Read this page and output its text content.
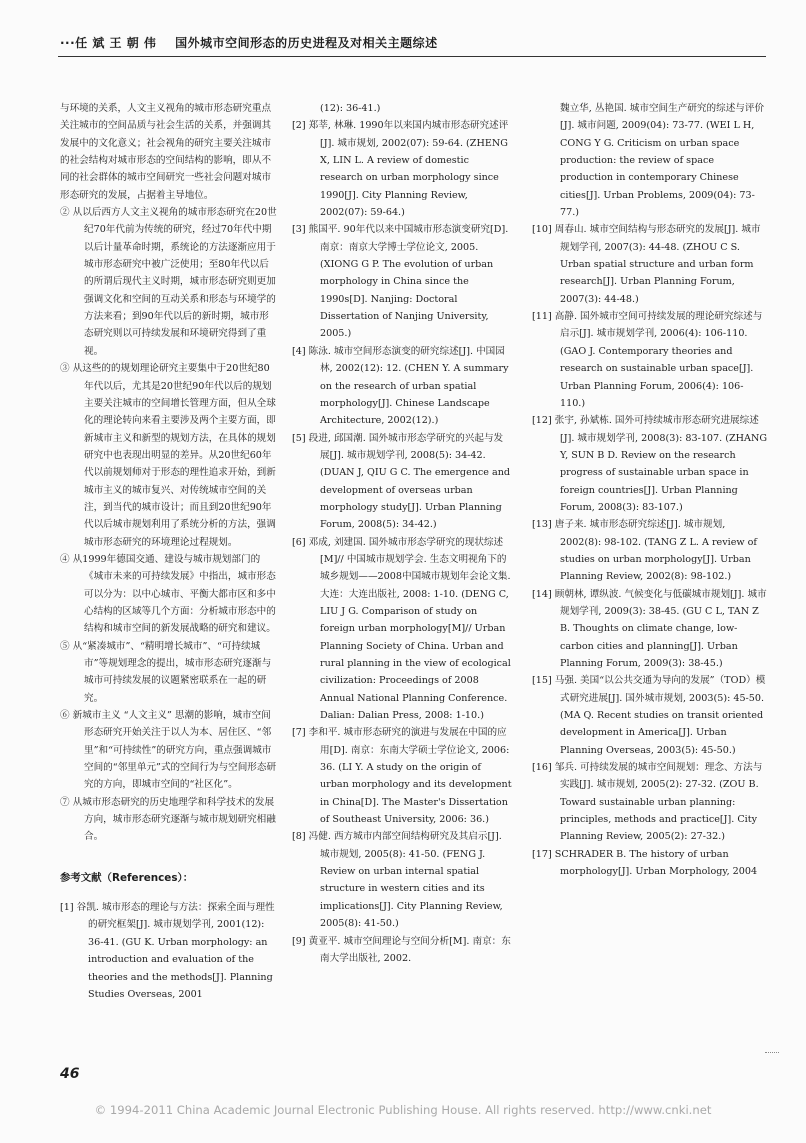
···任 斌 王 朝 伟 国外城市空间形态的历史进程及对相关主题综述

与环境的关系，人文主义视角的城市形态研究重点关注城市的空间品质与社会生活的关系，并强调其发展中的文化意义；社会视角的研究主要关注城市的社会结构对城市形态的空间结构的影响，即从不同的社会群体的城市空间研究一些社会问题对城市形态研究的发展，占据着主导地位。

② 从以后西方人文主义视角的城市形态研究在20世纪70年代前为传统的研究，经过70年代中期以后计量革命时期，系统论的方法逐渐应用于城市形态研究中被广泛使用；至80年代以后的所谓后现代主义时期，城市形态研究则更加强调文化和空间的互动关系和形态与环境学的方法来看；到90年代以后的新时期，城市形态研究则以可持续发展和环境研究得到了重视。

③ 从这些的的规划理论研究主要集中于20世纪80年代以后，尤其是20世纪90年代以后的规划主要关注城市的空间增长管理方面，但从全球化的理论转向来看主要涉及两个主要方面，即新城市主义和新型的规划方法，在具体的规划研究中也表现出明显的差异。从20世纪60年代以前规划师对于形态的理性追求开始，到新城市主义的城市复兴、对传统城市空间的关注，到当代的城市设计；而且到20世纪90年代以后城市规划利用了系统分析的方法，强调城市形态研究的环境理论过程规划。

④ 从1999年德国交通、建设与城市规划部门的《城市未来的可持续发展》中指出，城市形态可以分为：以中心城市、平衡大都市区和多中心结构的区域等几个方面：分析城市形态中的结构和城市空间的新发展战略的研究和建议。

⑤ 从“紧凑城市”、“精明增长城市”、“可持续城市”等规划理念的提出，城市形态研究逐渐与城市可持续发展的议题紧密联系在一起的研究。

⑥ 新城市主义 “人文主义” 思潮的影响，城市空间形态研究开始关注于以人为本、居住区、“邻里”和“可持续性”的研究方向，重点强调城市空间的“邻里单元”式的空间行为与空间形态研究的方向，即城市空间的“社区化”。

⑦ 从城市形态研究的历史地理学和科学技术的发展方向，城市形态研究逐渐与城市规划研究相融合。

参考文献（References）：

[1] 谷凯. 城市形态的理论与方法：探索全面与理性的研究框架[J]. 城市规划学刊, 2001(12): 36-41. (GU K. Urban morphology: an introduction and evaluation of the theories and the methods[J]. Planning Studies Overseas, 2001

(12): 36-41.)

[2] 郑莘, 林琳. 1990年以来国内城市形态研究述评[J]. 城市规划, 2002(07): 59-64. (ZHENG X, LIN L. A review of domestic research on urban morphology since 1990[J]. City Planning Review, 2002(07): 59-64.)

[3] 熊国平. 90年代以来中国城市形态演变研究[D]. 南京：南京大学博士学位论文, 2005. (XIONG G P. The evolution of urban morphology in China since the 1990s[D]. Nanjing: Doctoral Dissertation of Nanjing University, 2005.)

[4] 陈泳. 城市空间形态演变的研究综述[J]. 中国园林, 2002(12): 12. (CHEN Y. A summary on the research of urban spatial morphology[J]. Chinese Landscape Architecture, 2002(12).)

[5] 段进, 邱国潮. 国外城市形态学研究的兴起与发展[J]. 城市规划学刊, 2008(5): 34-42. (DUAN J, QIU G C. The emergence and development of overseas urban morphology study[J]. Urban Planning Forum, 2008(5): 34-42.)

[6] 邓成, 刘建国. 国外城市形态学研究的现状综述[M]// 中国城市规划学会. 生态文明视角下的城乡规划——2008中国城市规划年会论文集. 大连：大连出版社, 2008: 1-10. (DENG C, LIU J G. Comparison of study on foreign urban morphology[M]// Urban Planning Society of China. Urban and rural planning in the view of ecological civilization: Proceedings of 2008 Annual National Planning Conference. Dalian: Dalian Press, 2008: 1-10.)

[7] 李和平. 城市形态研究的演进与发展在中国的应用[D]. 南京：东南大学硕士学位论文, 2006: 36. (LI Y. A study on the origin of urban morphology and its development in China[D]. The Master's Dissertation of Southeast University, 2006: 36.)

[8] 冯健. 西方城市内部空间结构研究及其启示[J]. 城市规划, 2005(8): 41-50. (FENG J. Review on urban internal spatial structure in western cities and its implications[J]. City Planning Review, 2005(8): 41-50.)

[9] 黄亚平. 城市空间理论与空间分析[M]. 南京：东南大学出版社, 2002.

魏立华, 丛艳国. 城市空间生产研究的综述与评价[J]. 城市问题, 2009(04): 73-77. (WEI L H, CONG Y G. Criticism on urban space production: the review of space production in contemporary Chinese cities[J]. Urban Problems, 2009(04): 73-77.)

[10] 周春山. 城市空间结构与形态研究的发展[J]. 城市规划学刊, 2007(3): 44-48. (ZHOU C S. Urban spatial structure and urban form research[J]. Urban Planning Forum, 2007(3): 44-48.)

[11] 高静. 国外城市空间可持续发展的理论研究综述与启示[J]. 城市规划学刊, 2006(4): 106-110. (GAO J. Contemporary theories and research on sustainable urban space[J]. Urban Planning Forum, 2006(4): 106-110.)

[12] 张宇, 孙斌栋. 国外可持续城市形态研究进展综述[J]. 城市规划学刊, 2008(3): 83-107. (ZHANG Y, SUN B D. Review on the research progress of sustainable urban space in foreign countries[J]. Urban Planning Forum, 2008(3): 83-107.)

[13] 唐子来. 城市形态研究综述[J]. 城市规划, 2002(8): 98-102. (TANG Z L. A review of studies on urban morphology[J]. Urban Planning Review, 2002(8): 98-102.)

[14] 顾朝林, 谭纵波. 气候变化与低碳城市规划[J]. 城市规划学刊, 2009(3): 38-45. (GU C L, TAN Z B. Thoughts on climate change, low-carbon cities and planning[J]. Urban Planning Forum, 2009(3): 38-45.)

[15] 马强. 美国“以公共交通为导向的发展”（TOD）模式研究进展[J]. 国外城市规划, 2003(5): 45-50. (MA Q. Recent studies on transit oriented development in America[J]. Urban Planning Overseas, 2003(5): 45-50.)

[16] 邹兵. 可持续发展的城市空间规划：理念、方法与实践[J]. 城市规划, 2005(2): 27-32. (ZOU B. Toward sustainable urban planning: principles, methods and practice[J]. City Planning Review, 2005(2): 27-32.)

[17] SCHRADER B. The history of urban morphology[J]. Urban Morphology, 2004

46
© 1994-2011 China Academic Journal Electronic Publishing House. All rights reserved. http://www.cnki.net
